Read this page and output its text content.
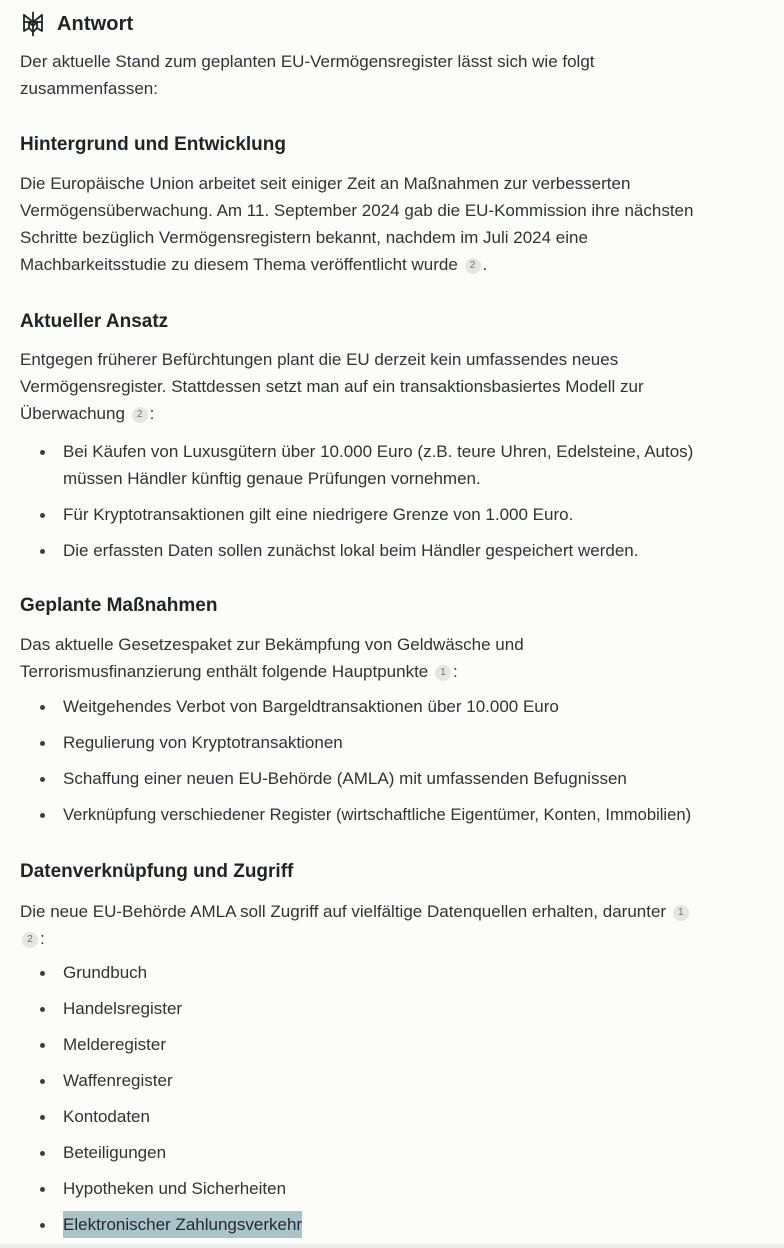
Antwort
Der aktuelle Stand zum geplanten EU-Vermögensregister lässt sich wie folgt
zusammenfassen:
Hintergrund und Entwicklung
Die Europäische Union arbeitet seit einiger Zeit an Maßnahmen zur verbesserten
Vermögensüberwachung. Am 11. September 2024 gab die EU-Kommission ihre nächsten
Schritte bezüglich Vermögensregistern bekannt, nachdem im Juli 2024 eine
Machbarkeitsstudie zu diesem Thema veröffentlicht wurde 2 .
Aktueller Ansatz
Entgegen früherer Befürchtungen plant die EU derzeit kein umfassendes neues
Vermögensregister. Stattdessen setzt man auf ein transaktionsbasiertes Modell zur
Überwachung 2 :
Bei Käufen von Luxusgütern über 10.000 Euro (z.B. teure Uhren, Edelsteine, Autos)
müssen Händler künftig genaue Prüfungen vornehmen.
Für Kryptotransaktionen gilt eine niedrigere Grenze von 1.000 Euro.
Die erfassten Daten sollen zunächst lokal beim Händler gespeichert werden.
Geplante Maßnahmen
Das aktuelle Gesetzespaket zur Bekämpfung von Geldwäsche und
Terrorismusfinanzierung enthält folgende Hauptpunkte 1 :
Weitgehendes Verbot von Bargeldtransaktionen über 10.000 Euro
Regulierung von Kryptotransaktionen
Schaffung einer neuen EU-Behörde (AMLA) mit umfassenden Befugnissen
Verknüpfung verschiedener Register (wirtschaftliche Eigentümer, Konten, Immobilien)
Datenverknüpfung und Zugriff
Die neue EU-Behörde AMLA soll Zugriff auf vielfältige Datenquellen erhalten, darunter 1
2 :
Grundbuch
Handelsregister
Melderegister
Waffenregister
Kontodaten
Beteiligungen
Hypotheken und Sicherheiten
Elektronischer Zahlungsverkehr
